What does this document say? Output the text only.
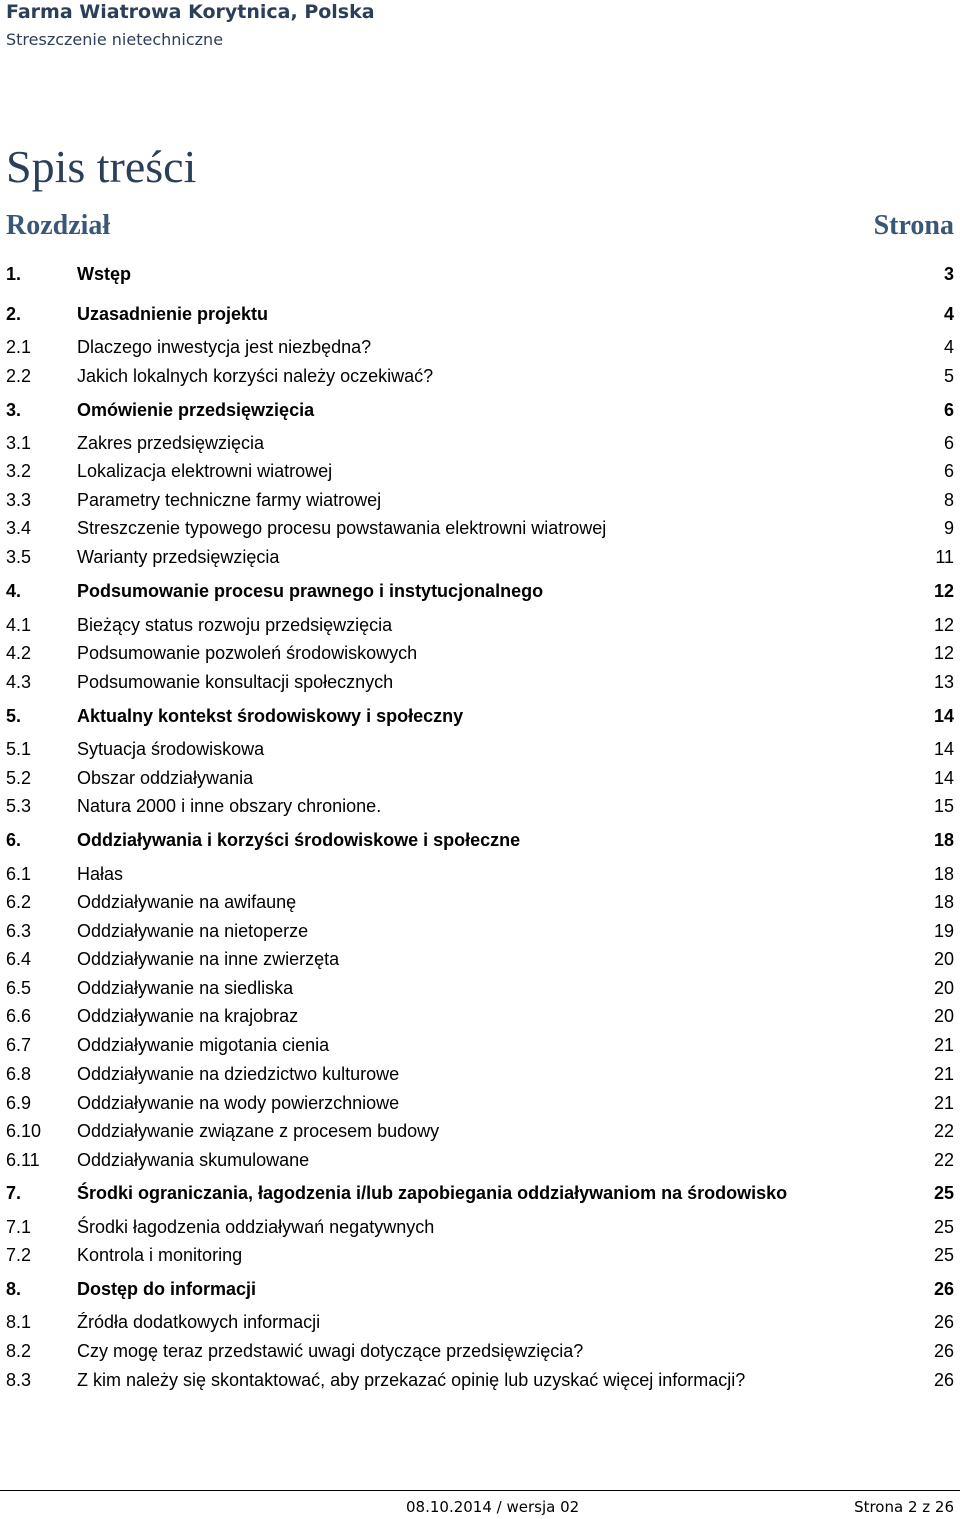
Farma Wiatrowa Korytnica, Polska
Streszczenie nietechniczne
Spis treści
Rozdział	Strona
1.	Wstęp	3
2.	Uzasadnienie projektu	4
2.1	Dlaczego inwestycja jest niezbędna?	4
2.2	Jakich lokalnych korzyści należy oczekiwać?	5
3.	Omówienie przedsięwzięcia	6
3.1	Zakres przedsięwzięcia	6
3.2	Lokalizacja elektrowni wiatrowej	6
3.3	Parametry techniczne farmy wiatrowej	8
3.4	Streszczenie typowego procesu powstawania elektrowni wiatrowej	9
3.5	Warianty przedsięwzięcia	11
4.	Podsumowanie procesu prawnego i instytucjonalnego	12
4.1	Bieżący status rozwoju przedsięwzięcia	12
4.2	Podsumowanie pozwoleń środowiskowych	12
4.3	Podsumowanie konsultacji społecznych	13
5.	Aktualny kontekst środowiskowy i społeczny	14
5.1	Sytuacja środowiskowa	14
5.2	Obszar oddziaływania	14
5.3	Natura 2000 i inne obszary chronione.	15
6.	Oddziaływania i korzyści środowiskowe i społeczne	18
6.1	Hałas	18
6.2	Oddziaływanie na awifaunę	18
6.3	Oddziaływanie na nietoperze	19
6.4	Oddziaływanie na inne zwierzęta	20
6.5	Oddziaływanie na siedliska	20
6.6	Oddziaływanie na krajobraz	20
6.7	Oddziaływanie migotania cienia	21
6.8	Oddziaływanie na dziedzictwo kulturowe	21
6.9	Oddziaływanie na wody powierzchniowe	21
6.10 Oddziaływanie związane z procesem budowy	22
6.11 Oddziaływania skumulowane	22
7.	Środki ograniczania, łagodzenia i/lub zapobiegania oddziaływaniom na środowisko	25
7.1	Środki łagodzenia oddziaływań negatywnych	25
7.2	Kontrola i monitoring	25
8.	Dostęp do informacji	26
8.1	Źródła dodatkowych informacji	26
8.2	Czy mogę teraz przedstawić uwagi dotyczące przedsięwzięcia?	26
8.3	Z kim należy się skontaktować, aby przekazać opinię lub uzyskać więcej informacji?	26
08.10.2014 / wersja 02	Strona 2 z 26
